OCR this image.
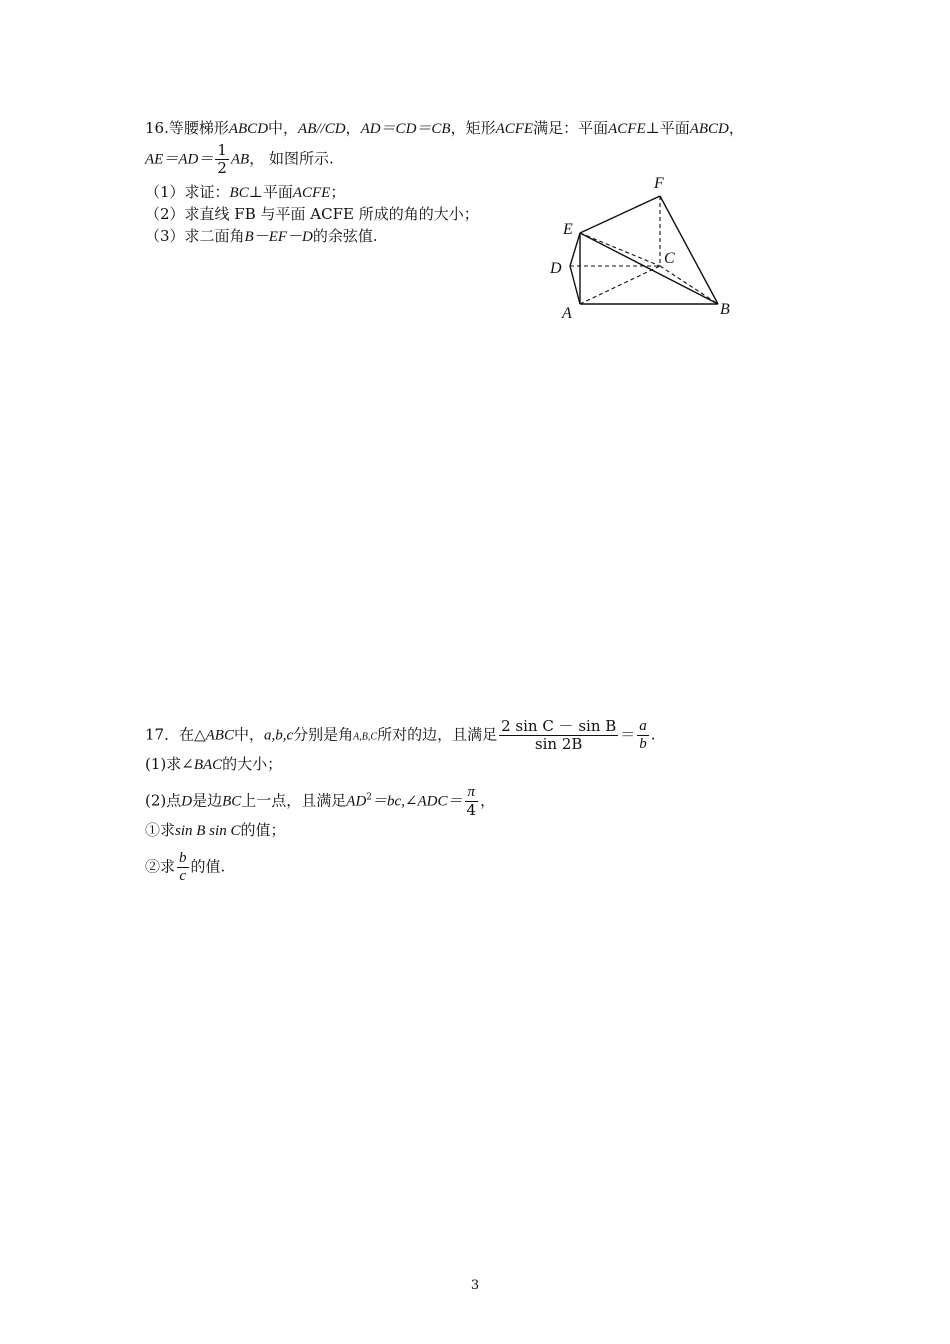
16.等腰梯形ABCD中，AB//CD，AD＝CD＝CB，矩形ACFE满足：平面ACFE⊥平面ABCD，
$AE=AD= \frac{1}{2}$ AB， 如图所示.
（1）求证：BC⊥平面ACFE；
（2）求直线 FB 与平面 ACFE 所成的角的大小；
（3）求二面角B－EF－D的余弦值.
F
E
D
C
A	B
17．在△ABC中，a,b,c分别是角A,B,C所对的边，且满足 $\frac{\text{2 sin C － sin B}}{\sin 2B} = \frac{a}{b}$ .
(1)求∠BAC的大小；
(2)点D是边BC上一点，且满足$AD^2=bc,\angle ADC= \frac{\pi}{4}$ ，
①求sin B sin C的值；
②求 $\frac{b}{c}$ 的值.
3
